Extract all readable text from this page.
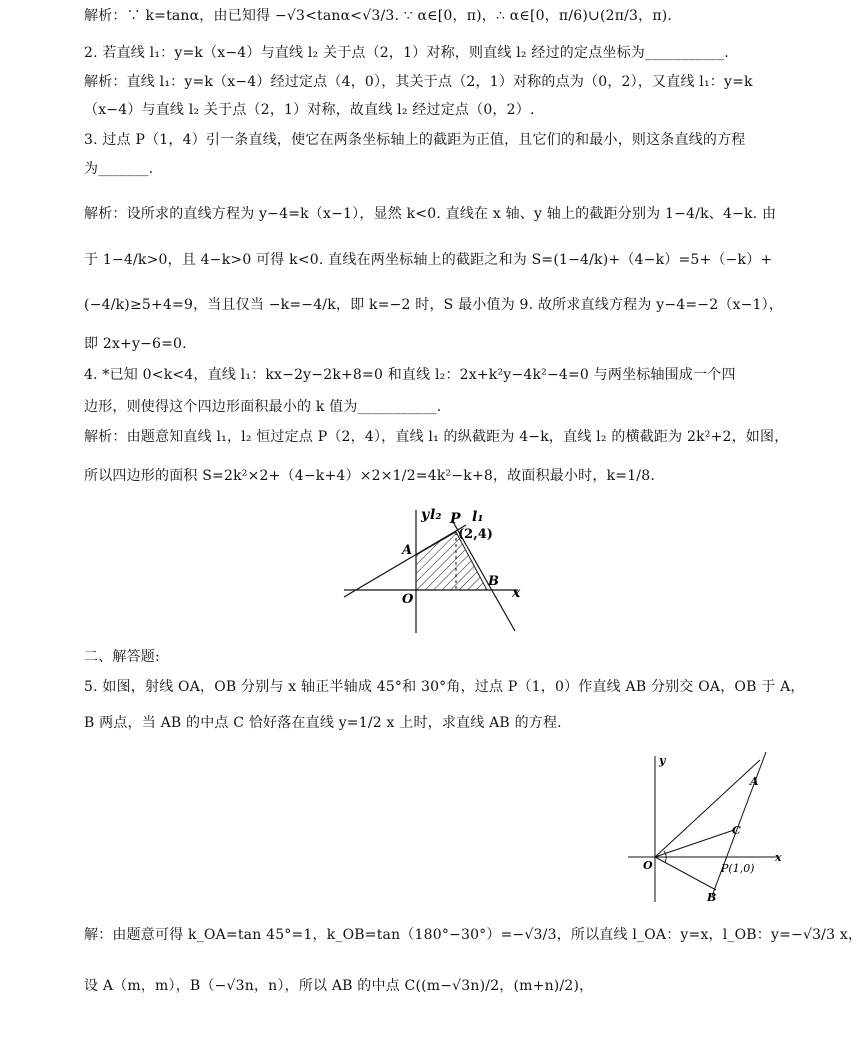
解析：∵ k=tanα，由已知得 −√3<tanα<√3/3. ∵ α∈[0，π)，∴ α∈[0，π/6)∪(2π/3，π).
2. 若直线 l₁：y=k（x−4）与直线 l₂ 关于点（2，1）对称，则直线 l₂ 经过的定点坐标为___________.
解析：直线 l₁：y=k（x−4）经过定点（4，0），其关于点（2，1）对称的点为（0，2），又直线 l₁：y=k
（x−4）与直线 l₂ 关于点（2，1）对称，故直线 l₂ 经过定点（0，2）.
3. 过点 P（1，4）引一条直线，使它在两条坐标轴上的截距为正值，且它们的和最小，则这条直线的方程
为_______.
解析：设所求的直线方程为 y−4=k（x−1），显然 k<0. 直线在 x 轴、y 轴上的截距分别为 1−4/k、4−k. 由
于 1−4/k>0，且 4−k>0 可得 k<0. 直线在两坐标轴上的截距之和为 S=(1−4/k)+（4−k）=5+（−k）+
(−4/k)≥5+4=9，当且仅当 −k=−4/k，即 k=−2 时，S 最小值为 9. 故所求直线方程为 y−4=−2（x−1），
即 2x+y−6=0.
4. *已知 0<k<4，直线 l₁：kx−2y−2k+8=0 和直线 l₂：2x+k²y−4k²−4=0 与两坐标轴围成一个四
边形，则使得这个四边形面积最小的 k 值为___________.
解析：由题意知直线 l₁，l₂ 恒过定点 P（2，4），直线 l₁ 的纵截距为 4−k，直线 l₂ 的横截距为 2k²+2，如图，
所以四边形的面积 S=2k²×2+（4−k+4）×2×1/2=4k²−k+8，故面积最小时，k=1/8.
y l₂ P l₁
(2,4)
A
B
O	x
二、解答题:
5. 如图，射线 OA，OB 分别与 x 轴正半轴成 45°和 30°角，过点 P（1，0）作直线 AB 分别交 OA，OB 于 A，
B 两点，当 AB 的中点 C 恰好落在直线 y=1/2 x 上时，求直线 AB 的方程.
y
A
C
O	P(1,0)
B
x
解：由题意可得 k_OA=tan 45°=1，k_OB=tan（180°−30°）=−√3/3，所以直线 l_OA：y=x，l_OB：y=−√3/3 x，
设 A（m，m），B（−√3n，n），所以 AB 的中点 C((m−√3n)/2，(m+n)/2)，
